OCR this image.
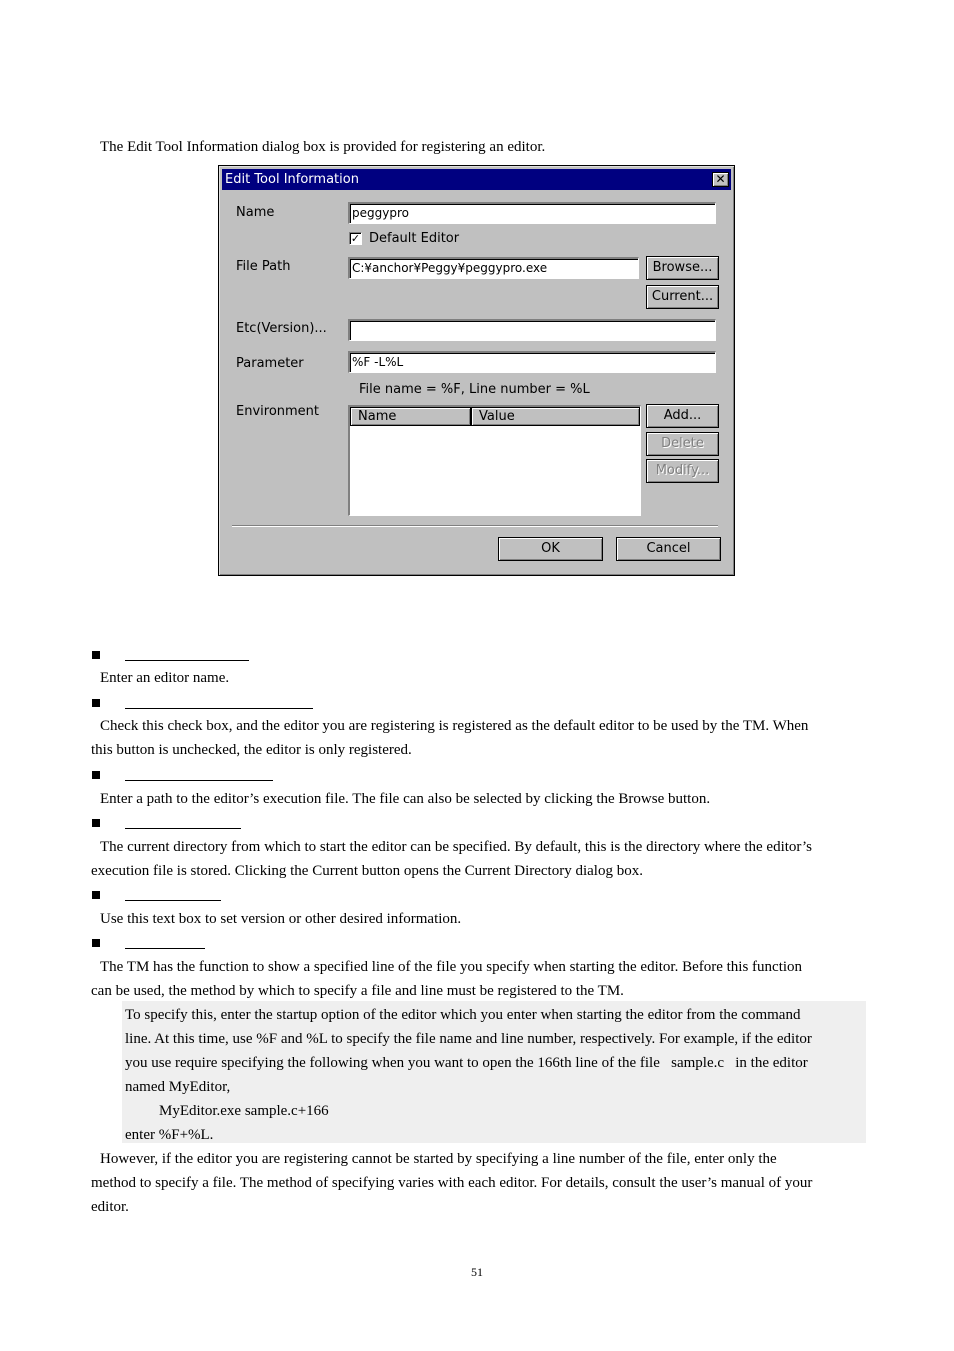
The Edit Tool Information dialog box is provided for registering an editor.
Edit Tool Information	✕
Name	peggypro
✓ Default Editor
File Path	C:¥anchor¥Peggy¥peggypro.exe	Browse...
Current...
Etc(Version)...
Parameter	%F -L%L
File name = %F, Line number = %L
Environment	Name	Value	Add...
Delete
Modify...
OK	Cancel
Enter an editor name.
Check this check box, and the editor you are registering is registered as the default editor to be used by the TM. When
this button is unchecked, the editor is only registered.
Enter a path to the editor’s execution file. The file can also be selected by clicking the Browse button.
The current directory from which to start the editor can be specified. By default, this is the directory where the editor’s
execution file is stored. Clicking the Current button opens the Current Directory dialog box.
Use this text box to set version or other desired information.
The TM has the function to show a specified line of the file you specify when starting the editor. Before this function
can be used, the method by which to specify a file and line must be registered to the TM.
To specify this, enter the startup option of the editor which you enter when starting the editor from the command
line. At this time, use %F and %L to specify the file name and line number, respectively. For example, if the editor
you use require specifying the following when you want to open the 166th line of the file   sample.c   in the editor
named MyEditor,
MyEditor.exe sample.c+166
enter %F+%L.
However, if the editor you are registering cannot be started by specifying a line number of the file, enter only the
method to specify a file. The method of specifying varies with each editor. For details, consult the user’s manual of your
editor.
51
